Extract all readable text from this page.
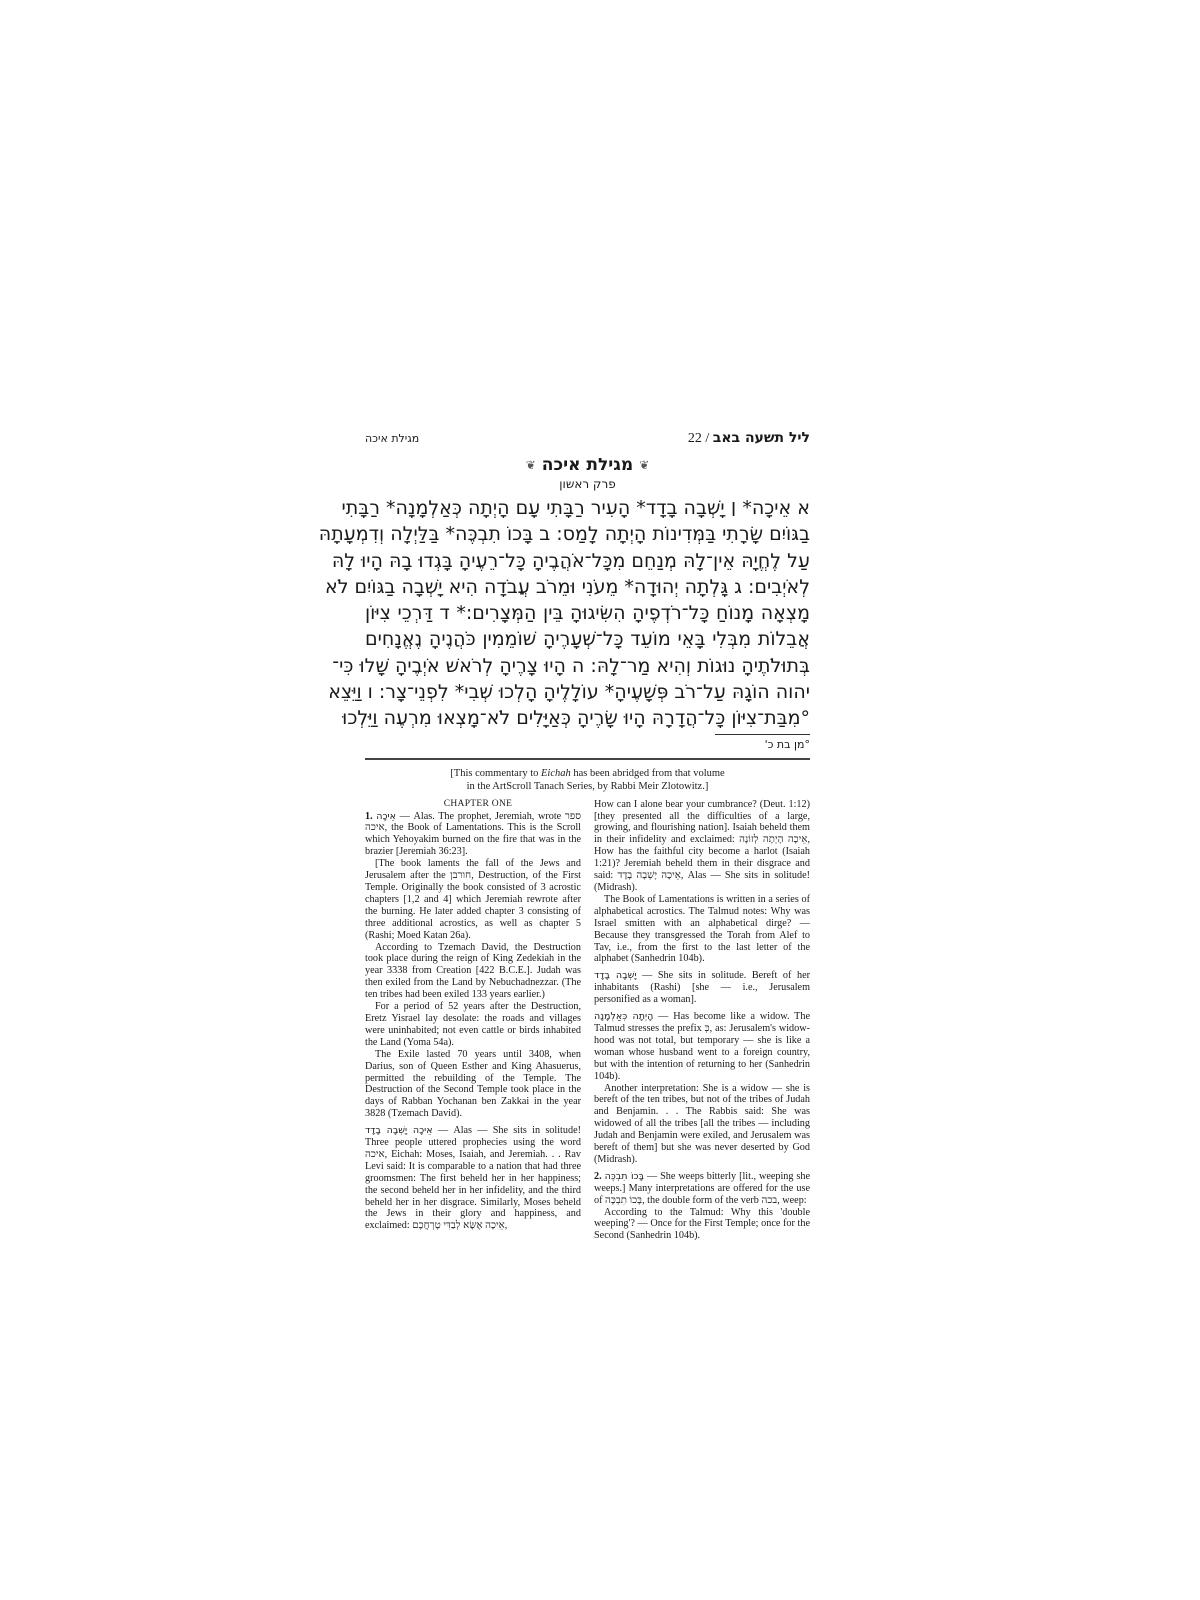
מגילת איכה	ליל תשעה באב / 22
❦
מגילת איכה
❦
פרק ראשון
א אֵיכָה* ׀ יָשְׁבָה בָדָד* הָעִיר רַבָּתִי עָם הָיְתָה כְּאַלְמָנָה* רַבָּתִי
בַגּוֹיִם שָׂרָתִי בַּמְּדִינוֹת הָיְתָה לָמַס: ב בָּכוֹ תִבְכֶּה* בַּלַּיְלָה וְדִמְעָתָהּ
עַל לֶחֱיָהּ אֵין־לָהּ מְנַחֵם מִכָּל־אֹהֲבֶיהָ כָּל־רֵעֶיהָ בָּגְדוּ בָהּ הָיוּ לָהּ
לְאֹיְבִים: ג גָּלְתָה יְהוּדָה* מֵעֹנִי וּמֵרֹב עֲבֹדָה הִיא יָשְׁבָה בַגּוֹיִם לֹא
מָצְאָה מָנוֹחַ כָּל־רֹדְפֶיהָ הִשִּׂיגוּהָ בֵּין הַמְּצָרִים:* ד דַּרְכֵי צִיּוֹן
אֲבֵלוֹת מִבְּלִי בָּאֵי מוֹעֵד כָּל־שְׁעָרֶיהָ שׁוֹמֵמִין כֹּהֲנֶיהָ נֶאֱנָחִים
בְּתוּלֹתֶיהָ נוּגוֹת וְהִיא מַר־לָהּ: ה הָיוּ צָרֶיהָ לְרֹאשׁ אֹיְבֶיהָ שָׁלוּ כִּי־
יהוה הוֹגָהּ עַל־רֹב פְּשָׁעֶיהָ* עוֹלָלֶיהָ הָלְכוּ שְׁבִי* לִפְנֵי־צָר: ו וַיֵּצֵא
°מִבַּת־צִיּוֹן כָּל־הֲדָרָהּ הָיוּ שָׂרֶיהָ כְּאַיָּלִים לֹא־מָצְאוּ מִרְעֶה וַיֵּלְכוּ
°מן בת כ'
[This commentary to Eichah has been abridged from that volume
in the ArtScroll Tanach Series, by Rabbi Meir Zlotowitz.]

CHAPTER ONE

1. אֵיכָה — Alas. The prophet, Jeremiah, wrote ספר איכה, the Book of Lamentations. This is the Scroll which Yehoyakim burned on the fire that was in the brazier [Jeremiah 36:23].

[The book laments the fall of the Jews and Jerusalem after the חורבן, Destruction, of the First Temple. Originally the book consisted of 3 acrostic chapters [1,2 and 4] which Jeremiah rewrote after the burning. He later added chapter 3 consisting of three additional acrostics, as well as chapter 5 (Rashi; Moed Katan 26a).

According to Tzemach David, the Destruction took place during the reign of King Zedekiah in the year 3338 from Creation [422 B.C.E.]. Judah was then exiled from the Land by Nebuchadnezzar. (The ten tribes had been exiled 133 years earlier.)

For a period of 52 years after the Destruction, Eretz Yisrael lay desolate: the roads and villages were uninhabited; not even cattle or birds inhabited the Land (Yoma 54a).

The Exile lasted 70 years until 3408, when Darius, son of Queen Esther and King Ahasuerus, permitted the rebuilding of the Temple. The Destruction of the Second Temple took place in the days of Rabban Yochanan ben Zakkai in the year 3828 (Tzemach David).

אֵיכָה יָשְׁבָה בָדָד — Alas — She sits in solitude! Three people uttered prophecies using the word איכה, Eichah: Moses, Isaiah, and Jeremiah. . . Rav Levi said: It is comparable to a nation that had three groomsmen: The first beheld her in her happiness; the second beheld her in her infidelity, and the third beheld her in her disgrace. Similarly, Moses beheld the Jews in their glory and happiness, and exclaimed: אֵיכָה אֶשָּׂא לְבַדִּי טָרְחֲכֶם,

How can I alone bear your cumbrance? (Deut. 1:12) [they presented all the difficulties of a large, growing, and flourishing nation]. Isaiah beheld them in their infidelity and exclaimed: אֵיכָה הָיְתָה לְזוֹנָה, How has the faithful city become a harlot (Isaiah 1:21)? Jeremiah beheld them in their disgrace and said: אֵיכָה יָשְׁבָה בָדָד, Alas — She sits in solitude! (Midrash).

The Book of Lamentations is written in a series of alphabetical acrostics. The Talmud notes: Why was Israel smitten with an alphabetical dirge? — Because they transgressed the Torah from Alef to Tav, i.e., from the first to the last letter of the alphabet (Sanhedrin 104b).

יָשְׁבָה בָדָד — She sits in solitude. Bereft of her inhabitants (Rashi) [she — i.e., Jerusalem personified as a woman].

הָיְתָה כְּאַלְמָנָה — Has become like a widow. The Talmud stresses the prefix כְּ, as: Jerusalem's widow-hood was not total, but temporary — she is like a woman whose husband went to a foreign country, but with the intention of returning to her (Sanhedrin 104b).

Another interpretation: She is a widow — she is bereft of the ten tribes, but not of the tribes of Judah and Benjamin. . . The Rabbis said: She was widowed of all the tribes [all the tribes — including Judah and Benjamin were exiled, and Jerusalem was bereft of them] but she was never deserted by God (Midrash).

2. בָּכוֹ תִבְכֶּה — She weeps bitterly [lit., weeping she weeps.] Many interpretations are offered for the use of בָּכוֹ תִבְכֶּה, the double form of the verb בכה, weep:

According to the Talmud: Why this 'double weeping'? — Once for the First Temple; once for the Second (Sanhedrin 104b).
